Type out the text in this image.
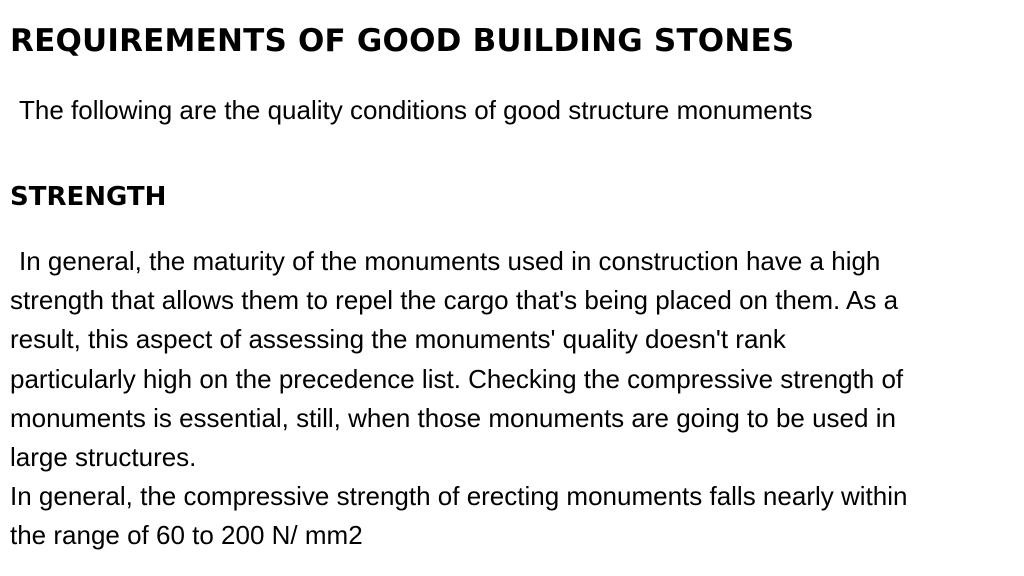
REQUIREMENTS OF GOOD BUILDING STONES

The following are the quality conditions of good structure monuments

STRENGTH
In general, the maturity of the monuments used in construction have a high
strength that allows them to repel the cargo that's being placed on them. As a
result, this aspect of assessing the monuments' quality doesn't rank
particularly high on the precedence list. Checking the compressive strength of
monuments is essential, still, when those monuments are going to be used in
large structures.
In general, the compressive strength of erecting monuments falls nearly within
the range of 60 to 200 N/ mm2
